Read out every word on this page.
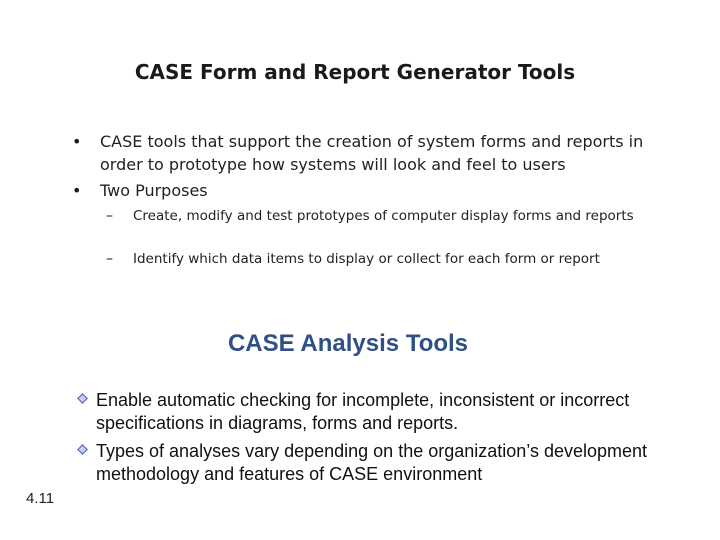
CASE Form and Report Generator Tools
• CASE tools that support the creation of system forms and reports in order to prototype how systems will look and feel to users
• Two Purposes
– Create, modify and test prototypes of computer display forms and reports
– Identify which data items to display or collect for each form or report
CASE Analysis Tools
Enable automatic checking for incomplete, inconsistent or incorrect specifications in diagrams, forms and reports.
Types of analyses vary depending on the organization’s development methodology and features of CASE environment
4.11
